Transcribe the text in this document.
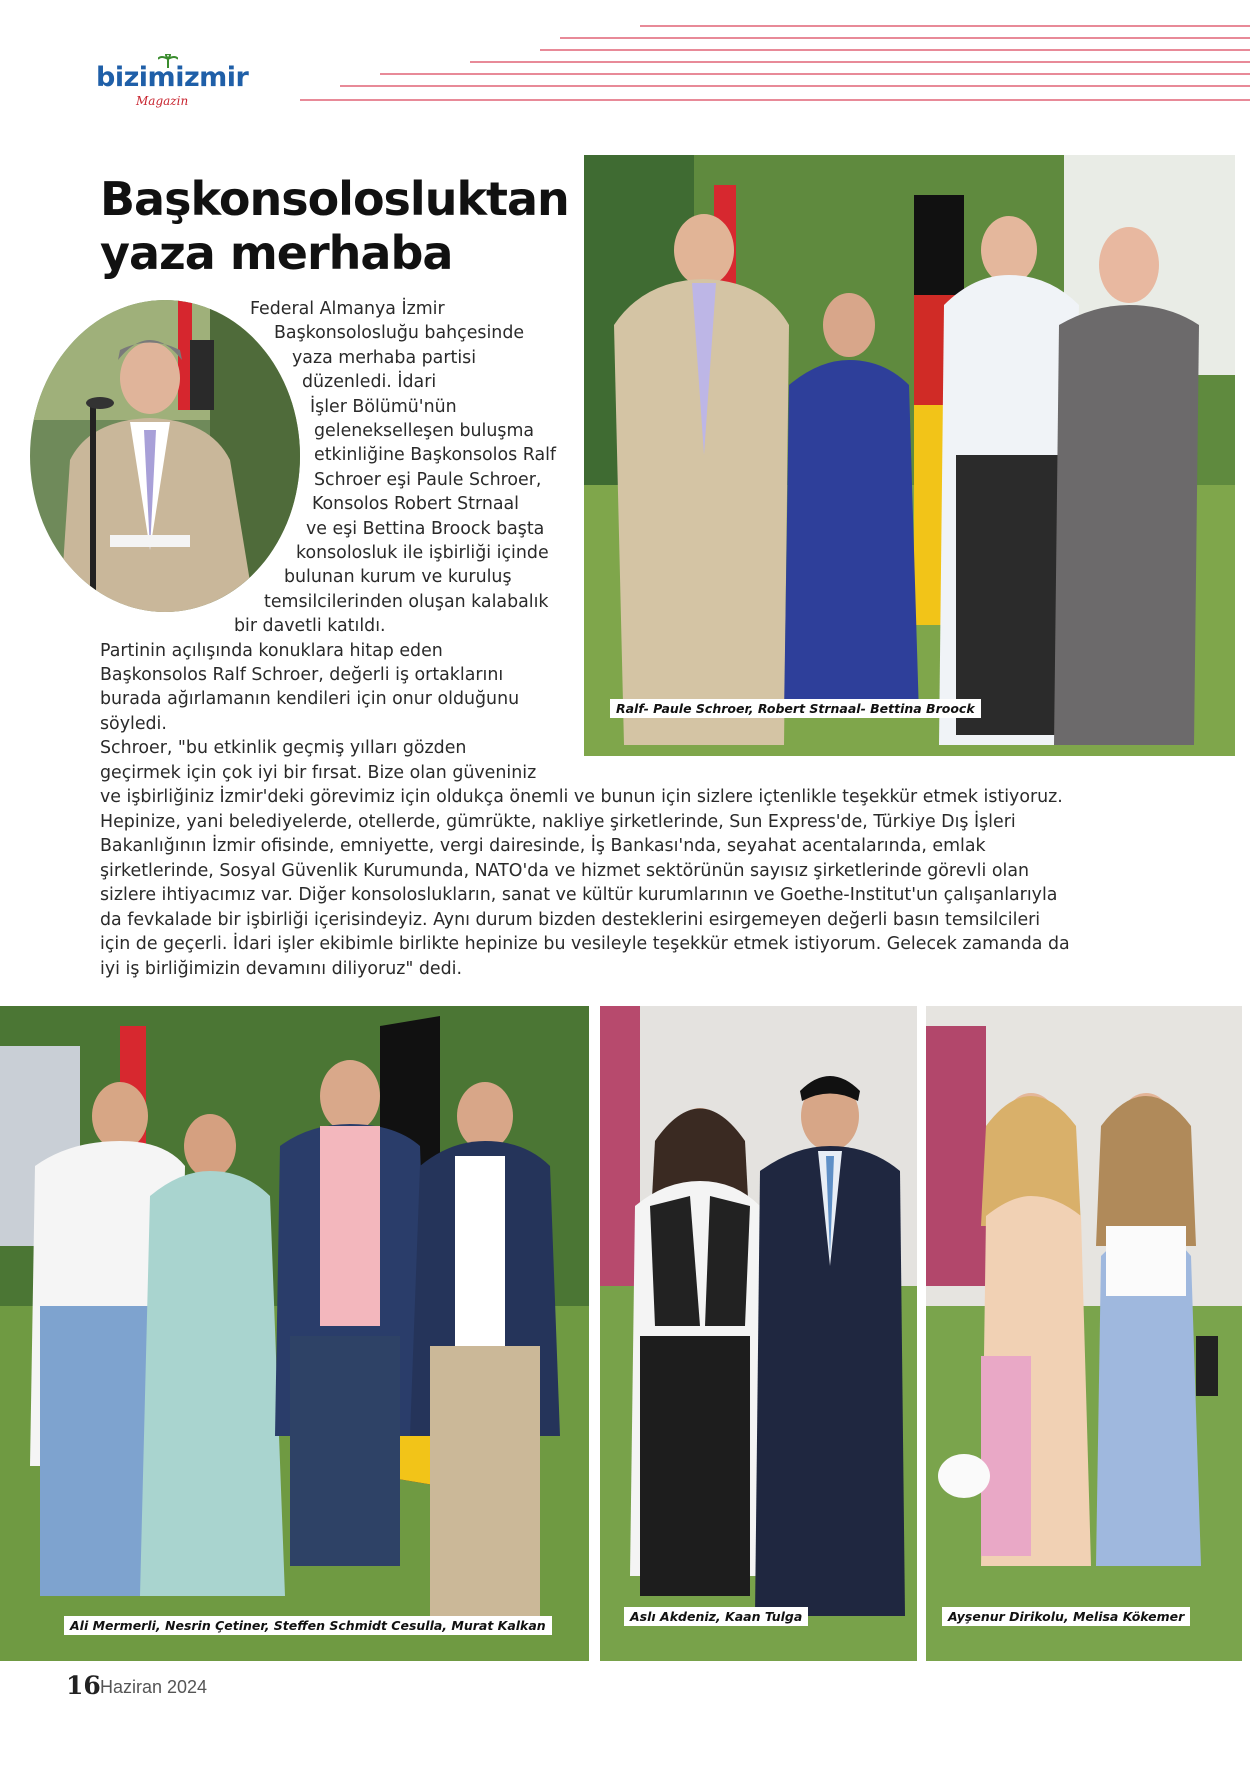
bizimizmir
Magazin
Başkonsolosluktan
yaza merhaba
Ralf- Paule Schroer, Robert Strnaal- Bettina Broock
Federal Almanya İzmir
Başkonsolosluğu bahçesinde
yaza merhaba partisi
düzenledi. İdari
İşler Bölümü'nün
gelenekselleşen buluşma
etkinliğine Başkonsolos Ralf
Schroer eşi Paule Schroer,
Konsolos Robert Strnaal
ve eşi Bettina Broock başta
konsolosluk ile işbirliği içinde
bulunan kurum ve kuruluş
temsilcilerinden oluşan kalabalık
bir davetli katıldı.
Partinin açılışında konuklara hitap eden
Başkonsolos Ralf Schroer, değerli iş ortaklarını
burada ağırlamanın kendileri için onur olduğunu
söyledi.
Schroer, "bu etkinlik geçmiş yılları gözden
geçirmek için çok iyi bir fırsat. Bize olan güveniniz
ve işbirliğiniz İzmir'deki görevimiz için oldukça önemli ve bunun için sizlere içtenlikle teşekkür etmek istiyoruz.
Hepinize, yani belediyelerde, otellerde, gümrükte, nakliye şirketlerinde, Sun Express'de, Türkiye Dış İşleri
Bakanlığının İzmir ofisinde, emniyette, vergi dairesinde, İş Bankası'nda, seyahat acentalarında, emlak
şirketlerinde, Sosyal Güvenlik Kurumunda, NATO'da ve hizmet sektörünün sayısız şirketlerinde görevli olan
sizlere ihtiyacımız var. Diğer konsoloslukların, sanat ve kültür kurumlarının ve Goethe-Institut'un çalışanlarıyla
da fevkalade bir işbirliği içerisindeyiz. Aynı durum bizden desteklerini esirgemeyen değerli basın temsilcileri
için de geçerli. İdari işler ekibimle birlikte hepinize bu vesileyle teşekkür etmek istiyorum. Gelecek zamanda da
iyi iş birliğimizin devamını diliyoruz" dedi.
Ali Mermerli, Nesrin Çetiner, Steffen Schmidt Cesulla, Murat Kalkan
Aslı Akdeniz, Kaan Tulga	Ayşenur Dirikolu, Melisa Kökemer
16 Haziran 2024
